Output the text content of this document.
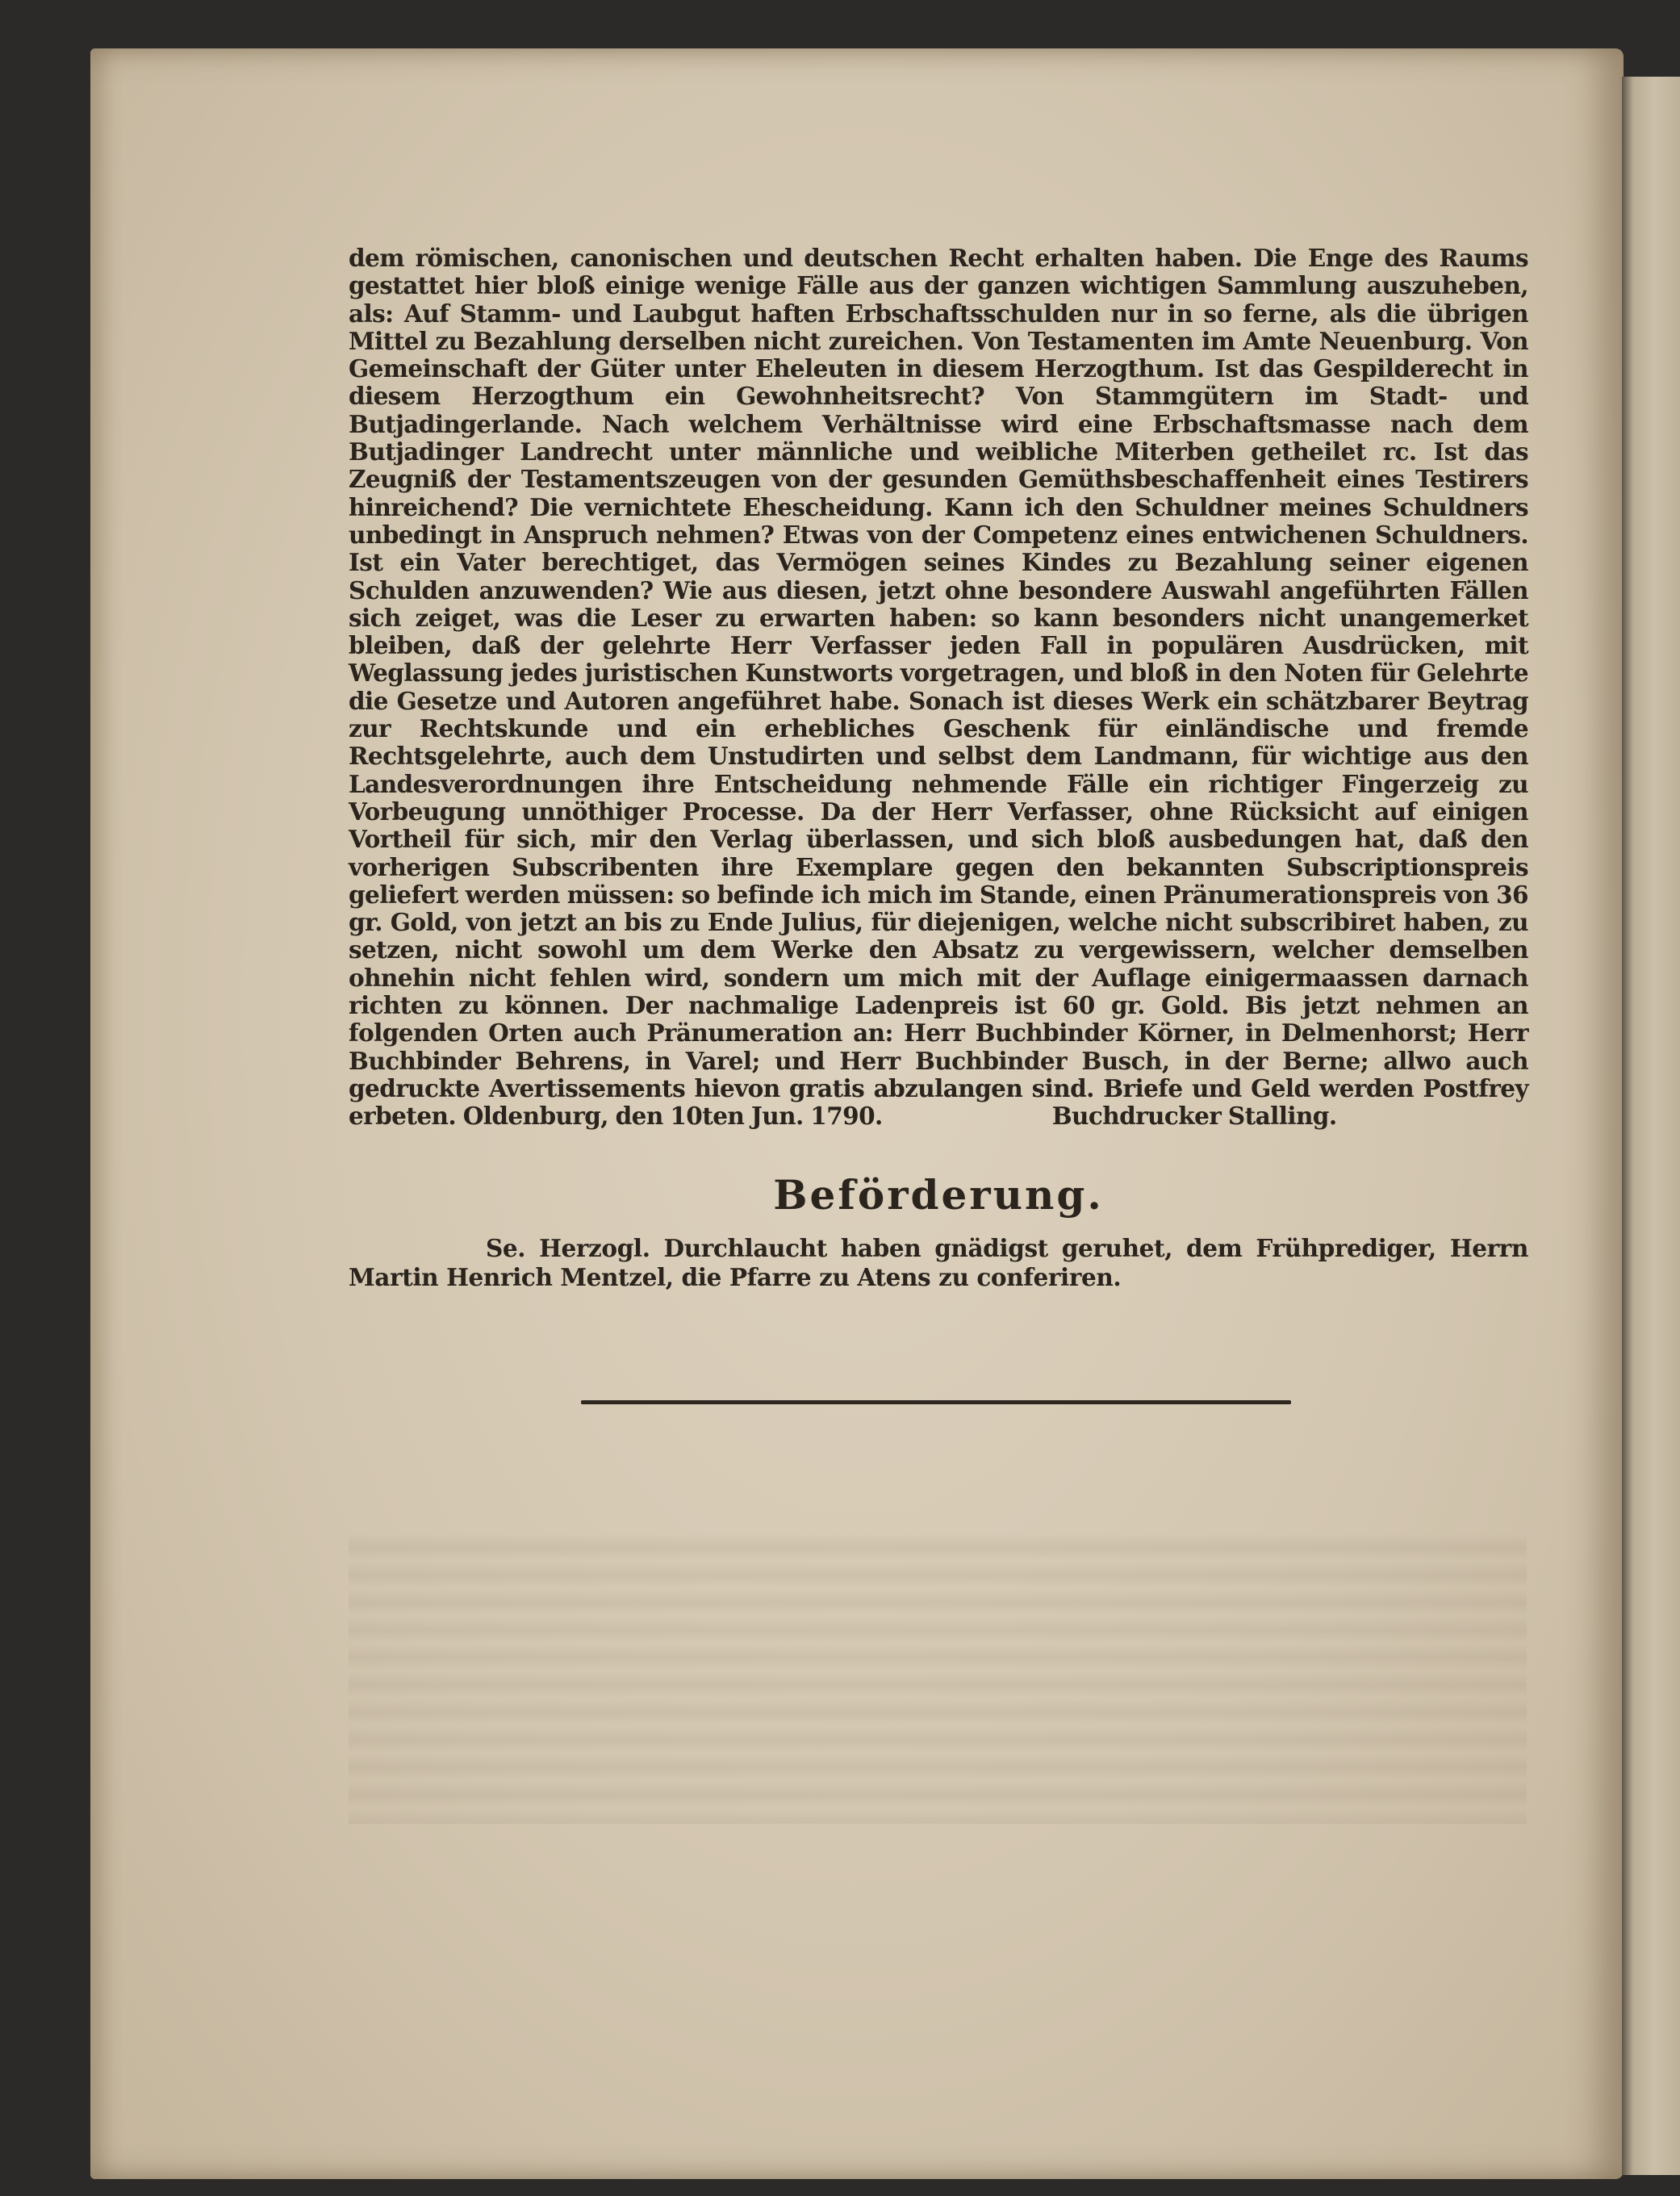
dem römischen, canonischen und deutschen Recht erhalten haben. Die Enge des Raums gestattet hier bloß einige wenige Fälle aus der ganzen wichtigen Sammlung auszuheben, als: Auf Stamm- und Laubgut haften Erbschaftsschulden nur in so ferne, als die übrigen Mittel zu Bezahlung derselben nicht zureichen. Von Testamenten im Amte Neuenburg. Von Gemeinschaft der Güter unter Eheleuten in diesem Herzogthum. Ist das Gespilderecht in diesem Herzogthum ein Gewohnheitsrecht? Von Stammgütern im Stadt- und Butjadingerlande. Nach welchem Verhältnisse wird eine Erbschaftsmasse nach dem Butjadinger Landrecht unter männliche und weibliche Miterben getheilet rc. Ist das Zeugniß der Testamentszeugen von der gesunden Gemüthsbeschaffenheit eines Testirers hinreichend? Die vernichtete Ehescheidung. Kann ich den Schuldner meines Schuldners unbedingt in Anspruch nehmen? Etwas von der Competenz eines entwichenen Schuldners. Ist ein Vater berechtiget, das Vermögen seines Kindes zu Bezahlung seiner eigenen Schulden anzuwenden? Wie aus diesen, jetzt ohne besondere Auswahl angeführten Fällen sich zeiget, was die Leser zu erwarten haben: so kann besonders nicht unangemerket bleiben, daß der gelehrte Herr Verfasser jeden Fall in populären Ausdrücken, mit Weglassung jedes juristischen Kunstworts vorgetragen, und bloß in den Noten für Gelehrte die Gesetze und Autoren angeführet habe. Sonach ist dieses Werk ein schätzbarer Beytrag zur Rechtskunde und ein erhebliches Geschenk für einländische und fremde Rechtsgelehrte, auch dem Unstudirten und selbst dem Landmann, für wichtige aus den Landesverordnungen ihre Entscheidung nehmende Fälle ein richtiger Fingerzeig zu Vorbeugung unnöthiger Processe. Da der Herr Verfasser, ohne Rücksicht auf einigen Vortheil für sich, mir den Verlag überlassen, und sich bloß ausbedungen hat, daß den vorherigen Subscribenten ihre Exemplare gegen den bekannten Subscriptionspreis geliefert werden müssen: so befinde ich mich im Stande, einen Pränumerationspreis von 36 gr. Gold, von jetzt an bis zu Ende Julius, für diejenigen, welche nicht subscribiret haben, zu setzen, nicht sowohl um dem Werke den Absatz zu vergewissern, welcher demselben ohnehin nicht fehlen wird, sondern um mich mit der Auflage einigermaassen darnach richten zu können. Der nachmalige Ladenpreis ist 60 gr. Gold. Bis jetzt nehmen an folgenden Orten auch Pränumeration an: Herr Buchbinder Körner, in Delmenhorst; Herr Buchbinder Behrens, in Varel; und Herr Buchbinder Busch, in der Berne; allwo auch gedruckte Avertissements hievon gratis abzulangen sind. Briefe und Geld werden Postfrey erbeten. Oldenburg, den 10ten Jun. 1790.	Buchdrucker Stalling.

Beförderung.

Se. Herzogl. Durchlaucht haben gnädigst geruhet, dem Frühprediger, Herrn Martin Henrich Mentzel, die Pfarre zu Atens zu conferiren.
